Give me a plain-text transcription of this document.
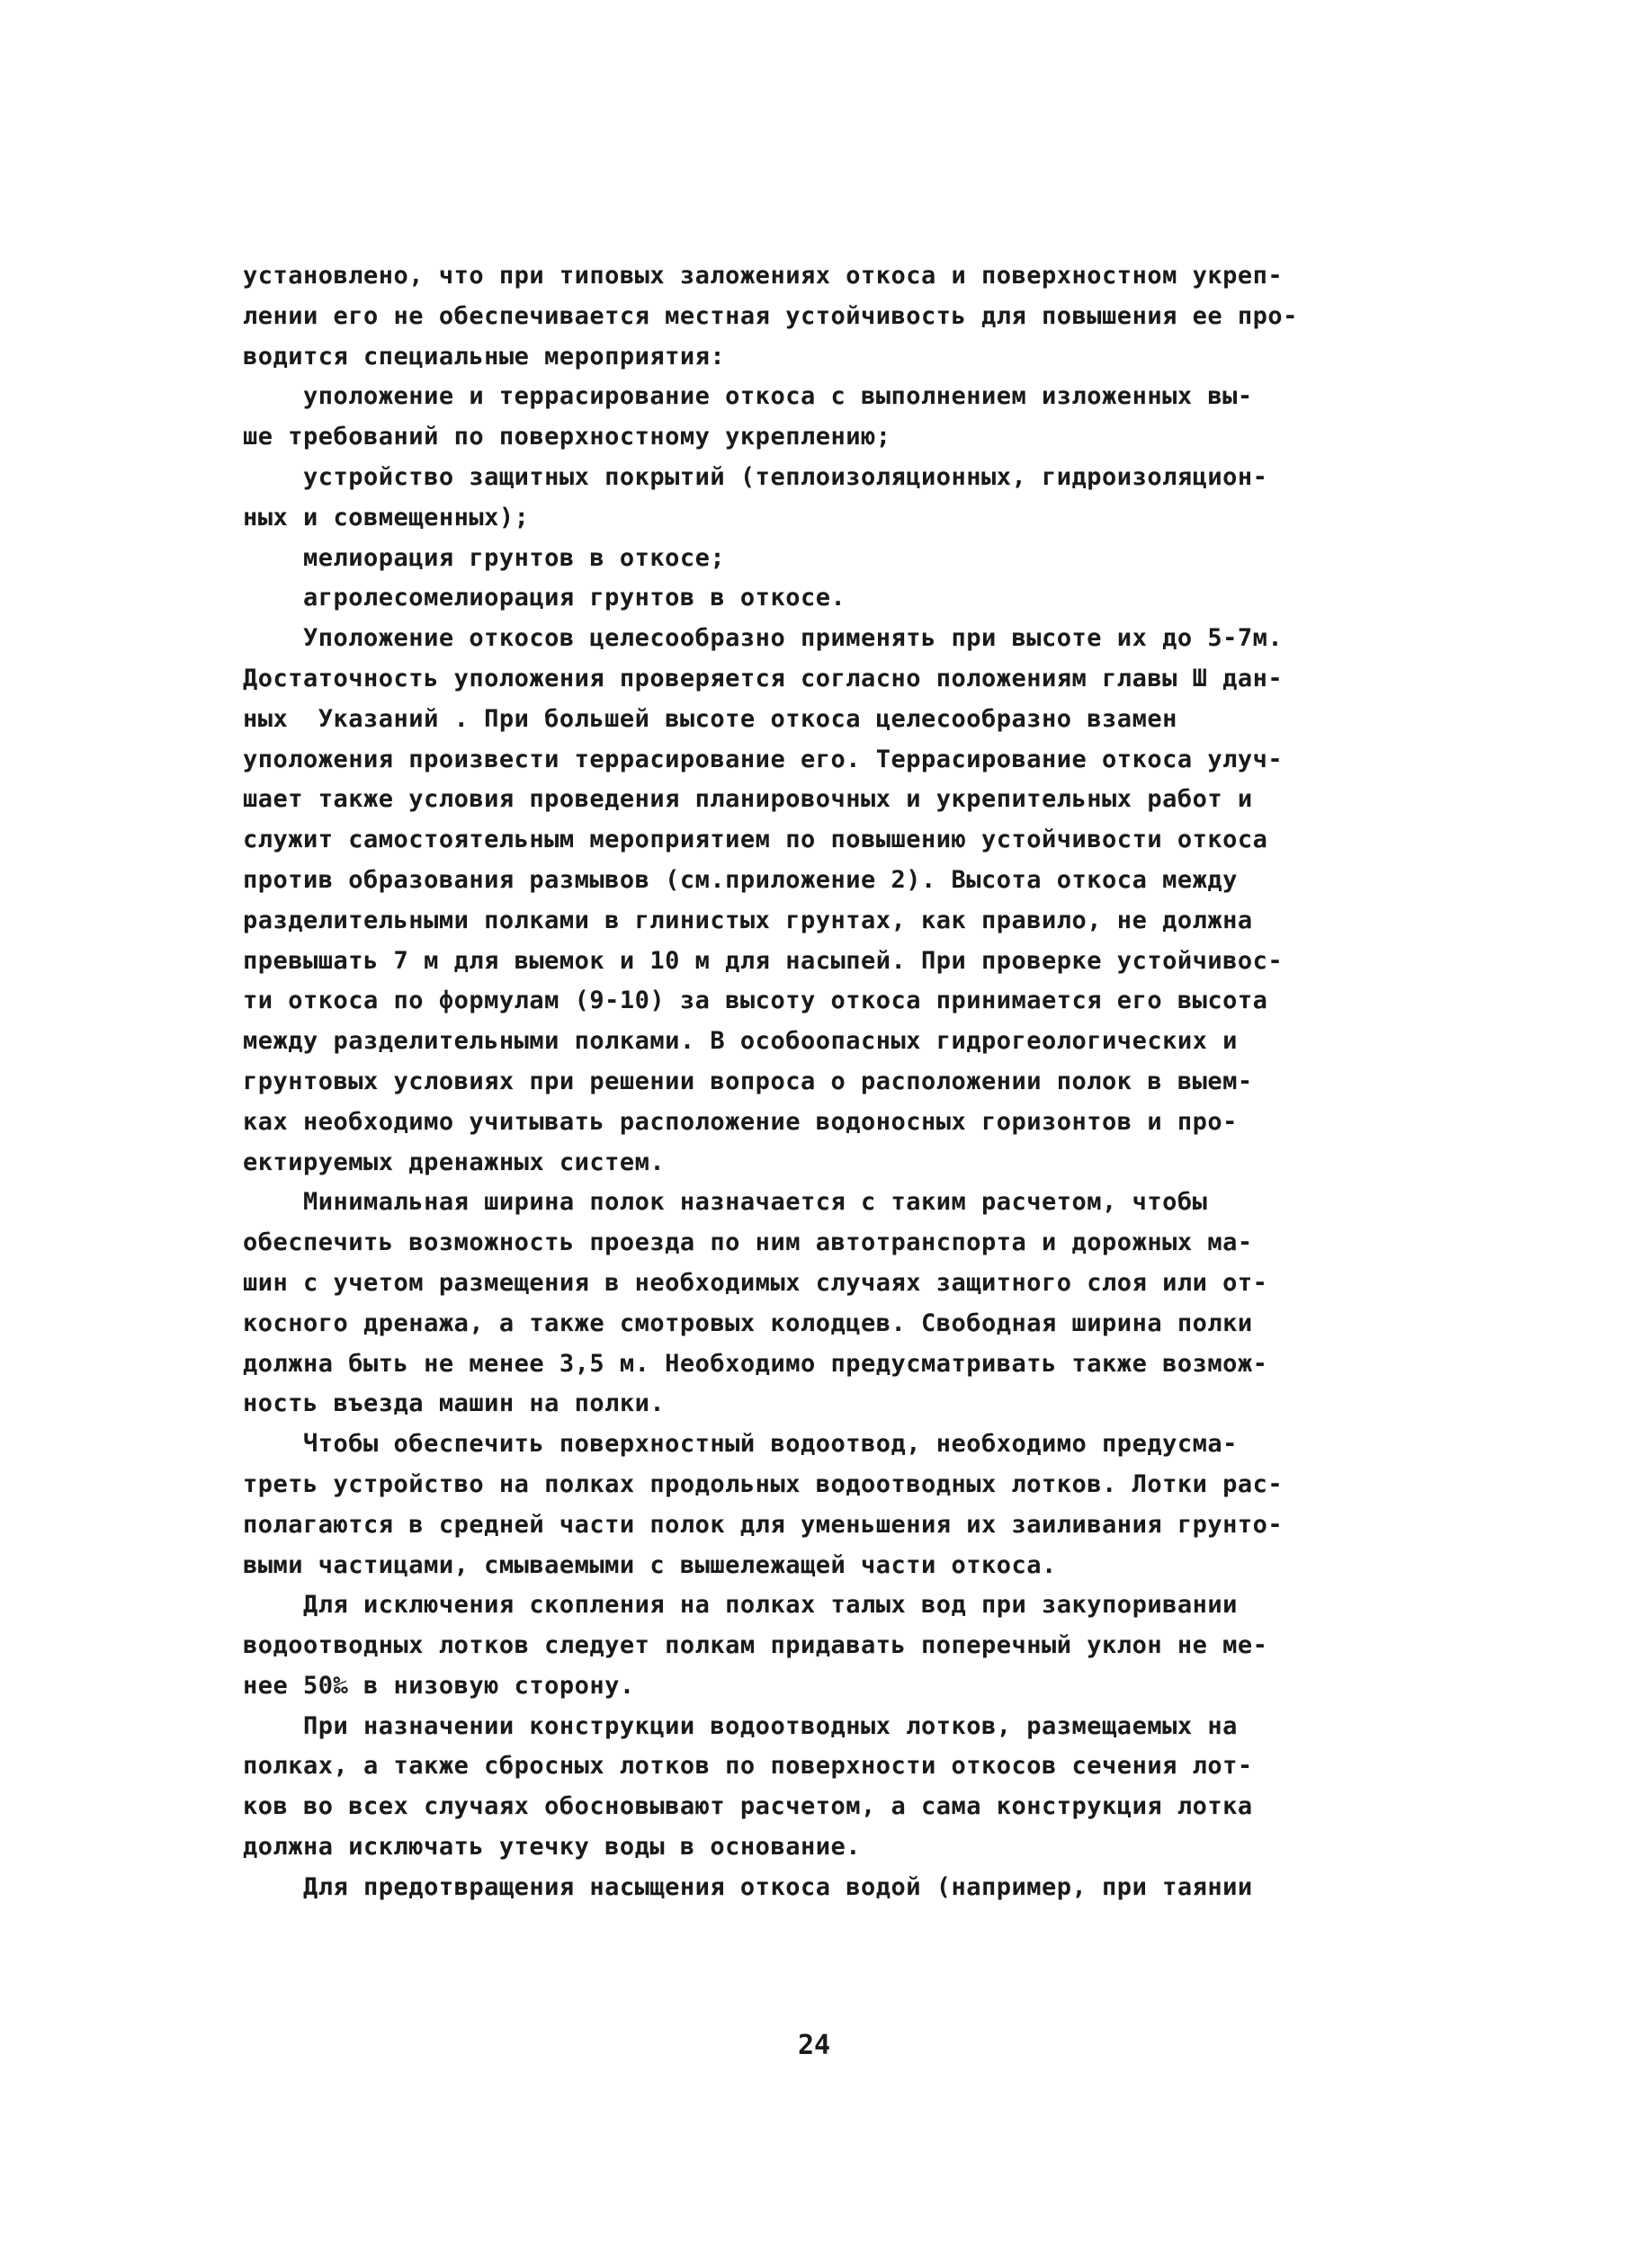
установлено, что при типовых заложениях откоса и поверхностном укреп-
лении его не обеспечивается местная устойчивость для повышения ее про-
водится специальные мероприятия:
уположение и террасирование откоса с выполнением изложенных вы-
ше требований по поверхностному укреплению;
устройство защитных покрытий (теплоизоляционных, гидроизоляцион-
ных и совмещенных);
мелиорация грунтов в откосе;
агролесомелиорация грунтов в откосе.
Уположение откосов целесообразно применять при высоте их до 5-7м.
Достаточность уположения проверяется согласно положениям главы Ш дан-
ных  Указаний . При большей высоте откоса целесообразно взамен
уположения произвести террасирование его. Террасирование откоса улуч-
шает также условия проведения планировочных и укрепительных работ и
служит самостоятельным мероприятием по повышению устойчивости откоса
против образования размывов (см.приложение 2). Высота откоса между
разделительными полками в глинистых грунтах, как правило, не должна
превышать 7 м для выемок и 10 м для насыпей. При проверке устойчивос-
ти откоса по формулам (9-10) за высоту откоса принимается его высота
между разделительными полками. В особоопасных гидрогеологических и
грунтовых условиях при решении вопроса о расположении полок в выем-
ках необходимо учитывать расположение водоносных горизонтов и про-
ектируемых дренажных систем.
Минимальная ширина полок назначается с таким расчетом, чтобы
обеспечить возможность проезда по ним автотранспорта и дорожных ма-
шин с учетом размещения в необходимых случаях защитного слоя или от-
косного дренажа, а также смотровых колодцев. Свободная ширина полки
должна быть не менее 3,5 м. Необходимо предусматривать также возмож-
ность въезда машин на полки.
Чтобы обеспечить поверхностный водоотвод, необходимо предусма-
треть устройство на полках продольных водоотводных лотков. Лотки рас-
полагаются в средней части полок для уменьшения их заиливания грунто-
выми частицами, смываемыми с вышележащей части откоса.
Для исключения скопления на полках талых вод при закупоривании
водоотводных лотков следует полкам придавать поперечный уклон не ме-
нее 50‰ в низовую сторону.
При назначении конструкции водоотводных лотков, размещаемых на
полках, а также сбросных лотков по поверхности откосов сечения лот-
ков во всех случаях обосновывают расчетом, а сама конструкция лотка
должна исключать утечку воды в основание.
Для предотвращения насыщения откоса водой (например, при таянии
24
